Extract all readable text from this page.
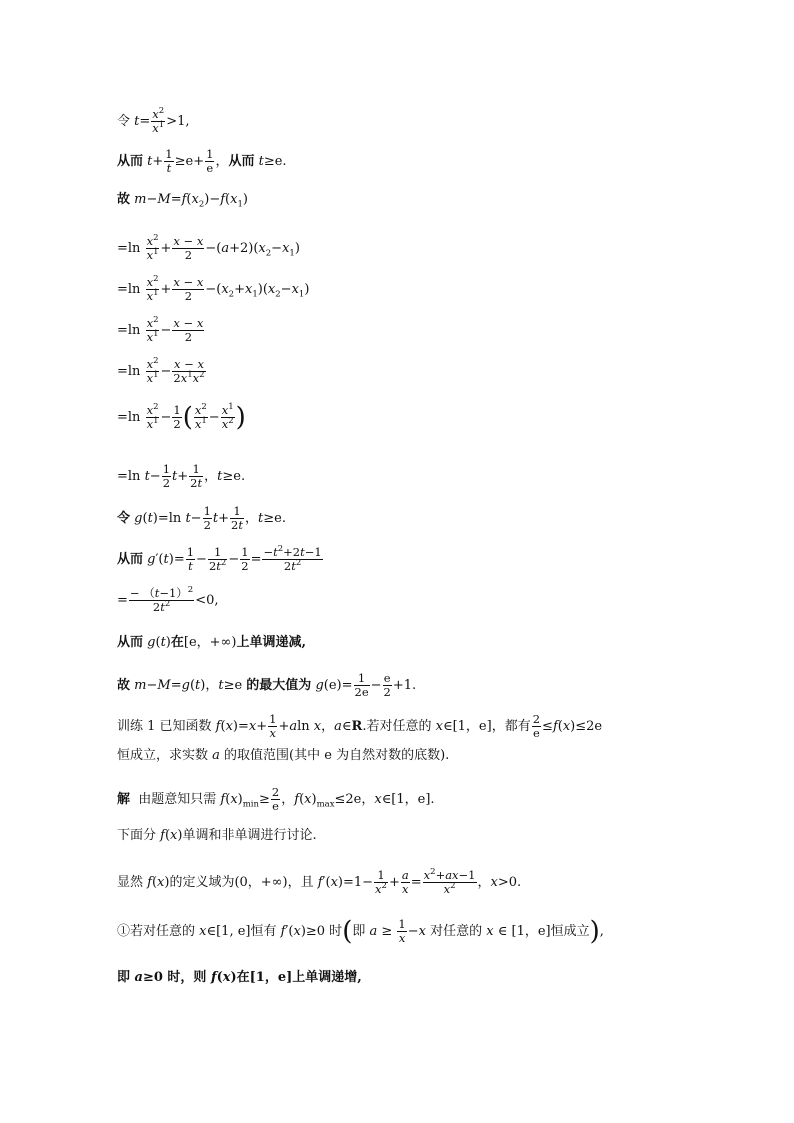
令 $t= \frac{x^2}{x^1} >1$,
从而 $t+ \frac{1}{t} \ge e+ \frac{1}{e}$ ，从而 t≥e.
故 $m-M=f(x_2)-f(x_1)$
$=\ln \frac{x^2}{x^1} + \frac{x - x}{2} -(a+2)(x_2-x_1)$
$=\ln \frac{x^2}{x^1} + \frac{x - x}{2} -(x_2+x_1)(x_2-x_1)$
$=\ln \frac{x^2}{x^1} - \frac{x - x}{2}$
$=\ln \frac{x^2}{x^1} - \frac{x - x}{2x^1x^2}$
$=\ln \frac{x^2}{x^1} - \frac{1}{2}$ ( $\frac{x^2}{x^1} - \frac{x^1}{x^2}$ )
=ln $t- \frac{1}{2} t+ \frac{1}{2t}$ ，t≥e.
令 g(t)=ln $t- \frac{1}{2} t+ \frac{1}{2t}$ ，t≥e.
从而 $g'(t)= \frac{1}{t} - \frac{1}{2t^2} - \frac{1}{2} = \frac{-t^2+2t-1}{2t^2}$
= $\frac{- (t-1)^2}{2t^2} <0$,
从而 g(t)在[e，+∞)上单调递减,
故 m−M=g(t)，t≥e 的最大值为 $g(e)= \frac{1}{2e} - \frac{e}{2} +1$.
训练 1 已知函数 $f(x)=x+ \frac{1}{x} +aln$ x，a∈R.若对任意的 x∈[1，e]，都有 $\frac{2}{e} \le f(x)\le 2e$
恒成立，求实数 a 的取值范围(其中 e 为自然对数的底数).
解  由题意知只需 $f(x)_{min}\ge \frac{2}{e}$ ，$f(x)_{max}\le 2e$，x∈[1，e].
下面分 f(x)单调和非单调进行讨论.
显然 f(x)的定义域为(0，+∞)，且 $f'(x)=1- \frac{1}{x^2} + \frac{a}{x} = \frac{x^2+ax-1}{x^2}$ ，x>0.
①若对任意的 x∈[1, e]恒有 f′(x)≥0 时(即 $a \ge \frac{1}{x} -x$ 对任意的 x ∈ [1，e]恒成立),
即 a≥0 时，则 f(x)在[1，e]上单调递增,
